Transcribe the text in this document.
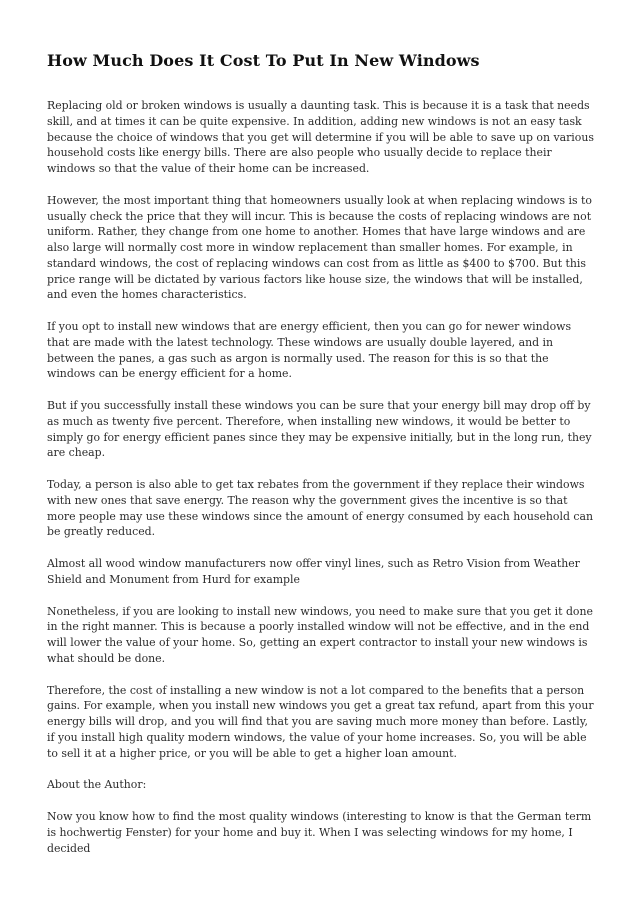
How Much Does It Cost To Put In New Windows

Replacing old or broken windows is usually a daunting task. This is because it is a task that needs skill, and at times it can be quite expensive. In addition, adding new windows is not an easy task because the choice of windows that you get will determine if you will be able to save up on various household costs like energy bills. There are also people who usually decide to replace their windows so that the value of their home can be increased.

However, the most important thing that homeowners usually look at when replacing windows is to usually check the price that they will incur. This is because the costs of replacing windows are not uniform. Rather, they change from one home to another. Homes that have large windows and are also large will normally cost more in window replacement than smaller homes. For example, in standard windows, the cost of replacing windows can cost from as little as $400 to $700. But this price range will be dictated by various factors like house size, the windows that will be installed, and even the homes characteristics.

If you opt to install new windows that are energy efficient, then you can go for newer windows that are made with the latest technology. These windows are usually double layered, and in between the panes, a gas such as argon is normally used. The reason for this is so that the windows can be energy efficient for a home.

But if you successfully install these windows you can be sure that your energy bill may drop off by as much as twenty five percent. Therefore, when installing new windows, it would be better to simply go for energy efficient panes since they may be expensive initially, but in the long run, they are cheap.

Today, a person is also able to get tax rebates from the government if they replace their windows with new ones that save energy. The reason why the government gives the incentive is so that more people may use these windows since the amount of energy consumed by each household can be greatly reduced.

Almost all wood window manufacturers now offer vinyl lines, such as Retro Vision from Weather Shield and Monument from Hurd for example

Nonetheless, if you are looking to install new windows, you need to make sure that you get it done in the right manner. This is because a poorly installed window will not be effective, and in the end will lower the value of your home. So, getting an expert contractor to install your new windows is what should be done.

Therefore, the cost of installing a new window is not a lot compared to the benefits that a person gains. For example, when you install new windows you get a great tax refund, apart from this your energy bills will drop, and you will find that you are saving much more money than before. Lastly, if you install high quality modern windows, the value of your home increases. So, you will be able to sell it at a higher price, or you will be able to get a higher loan amount.

About the Author:

Now you know how to find the most quality windows (interesting to know is that the German term is hochwertig Fenster) for your home and buy it. When I was selecting windows for my home, I decided
